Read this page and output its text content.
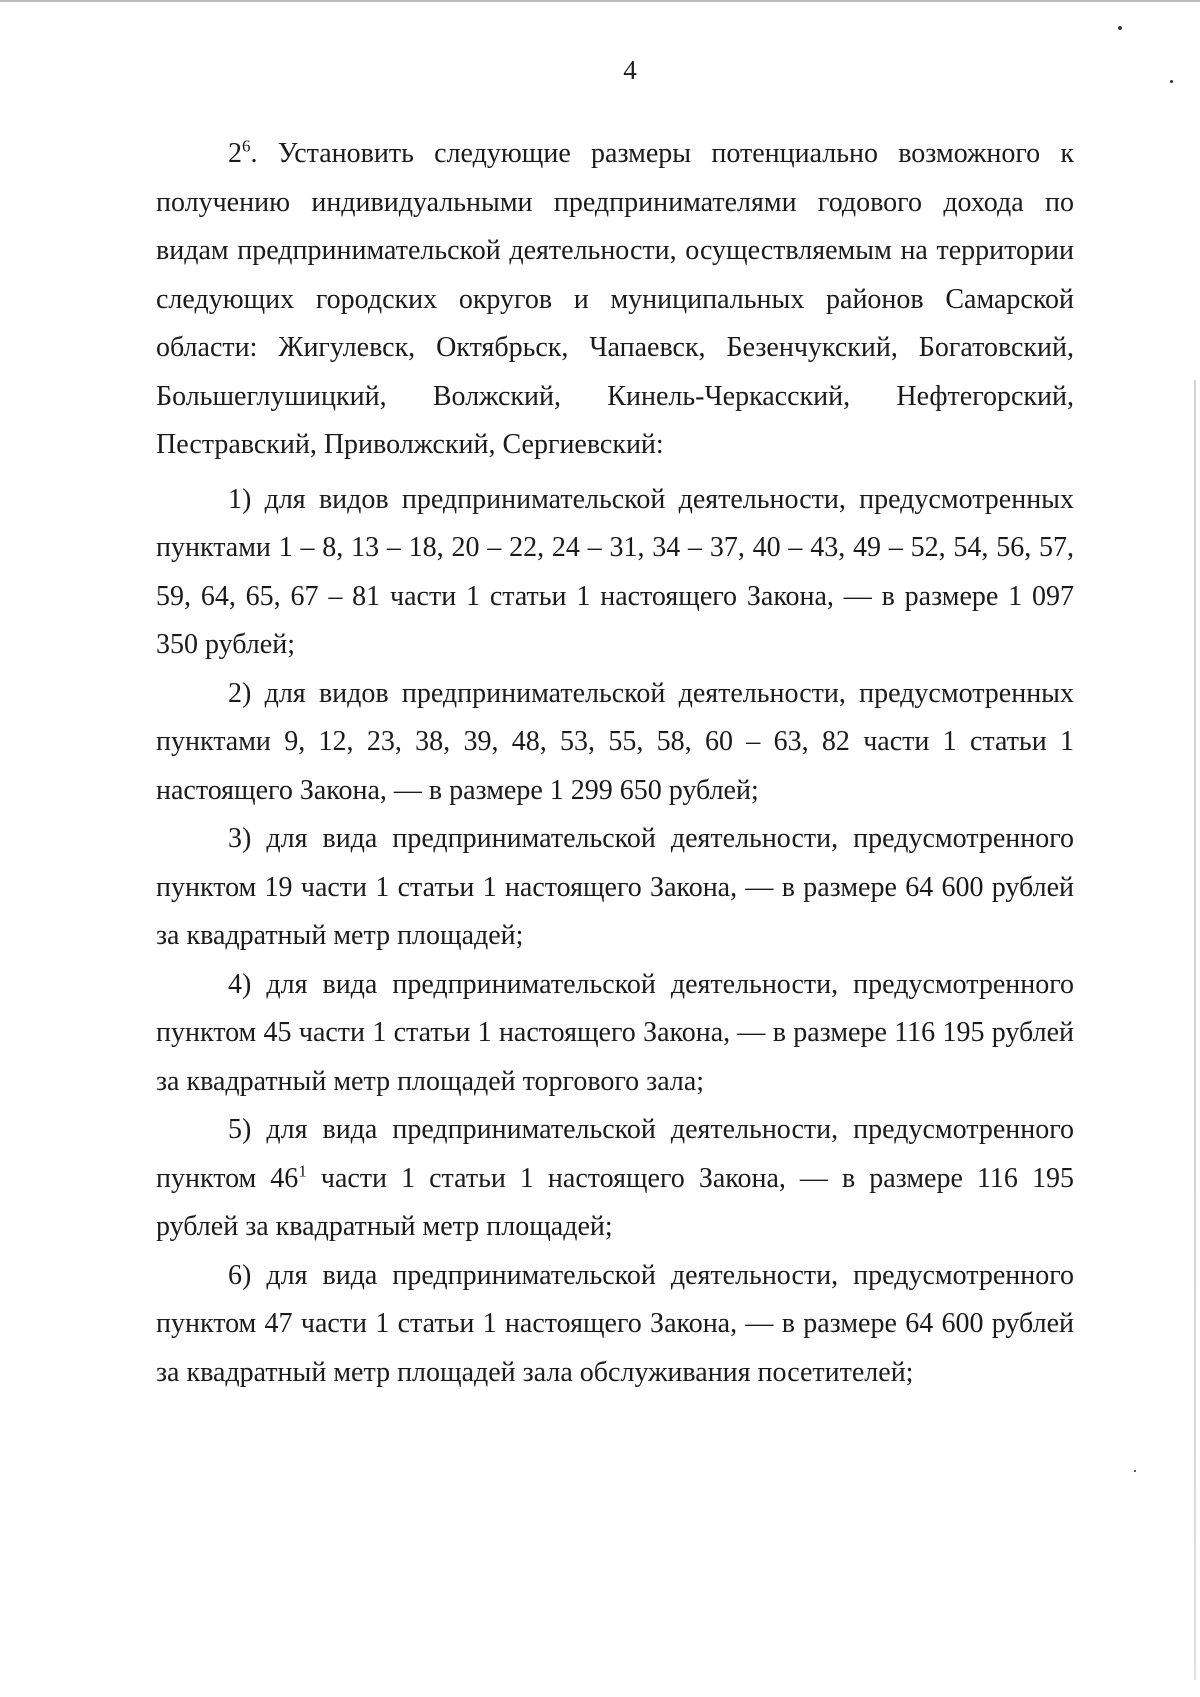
4

$2^6$. Установить следующие размеры потенциально возможного к получению индивидуальными предпринимателями годового дохода по видам предпринимательской деятельности, осуществляемым на территории следующих городских округов и муниципальных районов Самарской области: Жигулевск, Октябрьск, Чапаевск, Безенчукский, Богатовский, Большеглушицкий, Волжский, Кинель-Черкасский, Нефтегорский, Пестравский, Приволжский, Сергиевский:

1) для видов предпринимательской деятельности, предусмотренных пунктами 1 – 8, 13 – 18, 20 – 22, 24 – 31, 34 – 37, 40 – 43, 49 – 52, 54, 56, 57, 59, 64, 65, 67 – 81 части 1 статьи 1 настоящего Закона, — в размере 1 097 350 рублей;

2) для видов предпринимательской деятельности, предусмотренных пунктами 9, 12, 23, 38, 39, 48, 53, 55, 58, 60 – 63, 82 части 1 статьи 1 настоящего Закона, — в размере 1 299 650 рублей;

3) для вида предпринимательской деятельности, предусмотренного пунктом 19 части 1 статьи 1 настоящего Закона, — в размере 64 600 рублей за квадратный метр площадей;

4) для вида предпринимательской деятельности, предусмотренного пунктом 45 части 1 статьи 1 настоящего Закона, — в размере 116 195 рублей за квадратный метр площадей торгового зала;

5) для вида предпринимательской деятельности, предусмотренного пунктом $46^1$ части 1 статьи 1 настоящего Закона, — в размере 116 195 рублей за квадратный метр площадей;

6) для вида предпринимательской деятельности, предусмотренного пунктом 47 части 1 статьи 1 настоящего Закона, — в размере 64 600 рублей за квадратный метр площадей зала обслуживания посетителей;
